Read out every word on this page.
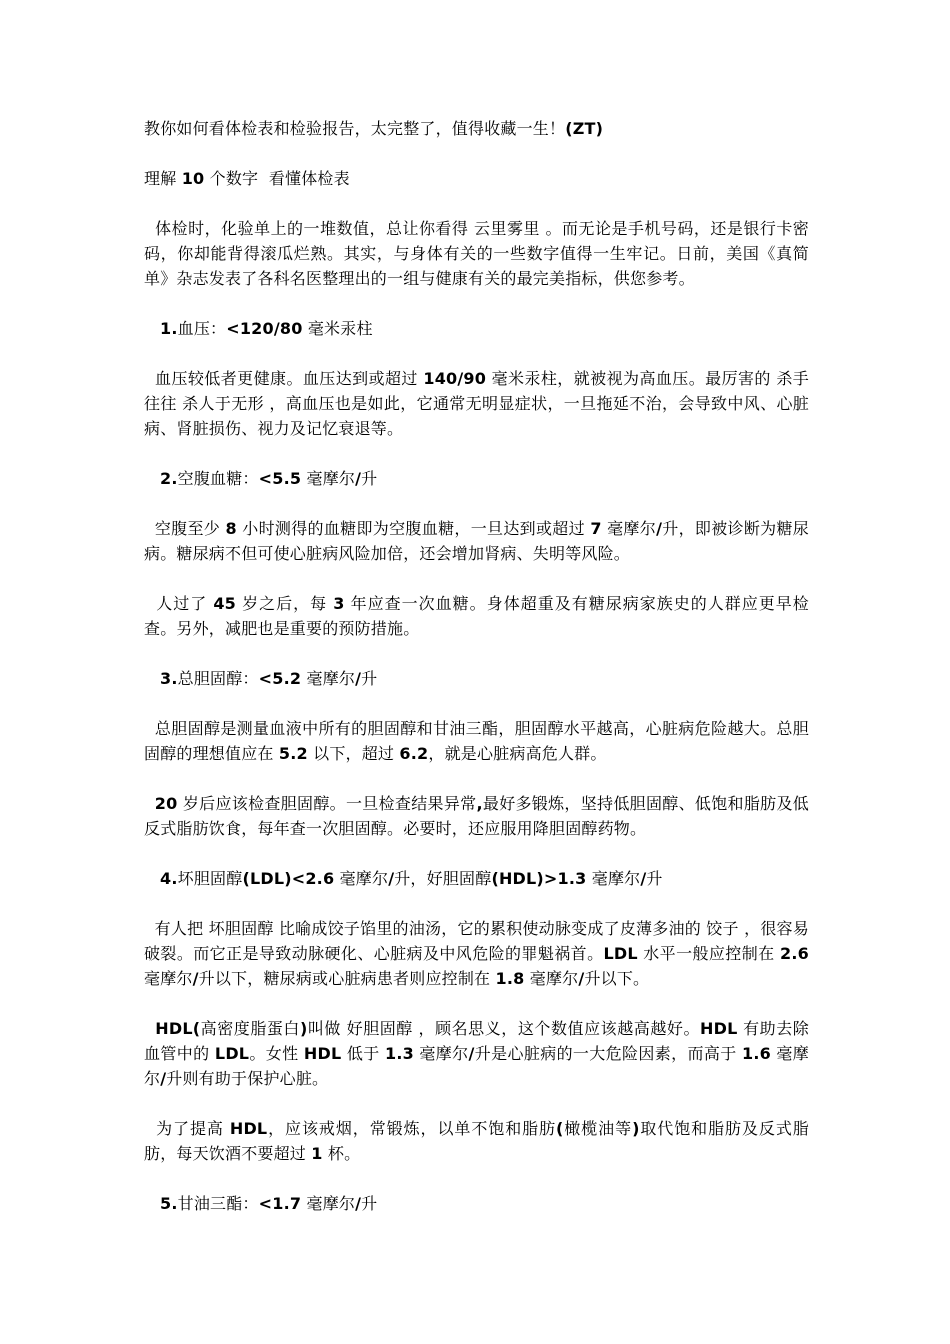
教你如何看体检表和检验报告，太完整了，值得收藏一生！(ZT)

理解 10 个数字  看懂体检表

体检时，化验单上的一堆数值，总让你看得 云里雾里 。而无论是手机号码，还是银行卡密码，你却能背得滚瓜烂熟。其实，与身体有关的一些数字值得一生牢记。日前，美国《真简单》杂志发表了各科名医整理出的一组与健康有关的最完美指标，供您参考。

1.血压：<120/80 毫米汞柱

血压较低者更健康。血压达到或超过 140/90 毫米汞柱，就被视为高血压。最厉害的 杀手 往往 杀人于无形 ，高血压也是如此，它通常无明显症状，一旦拖延不治，会导致中风、心脏病、肾脏损伤、视力及记忆衰退等。

2.空腹血糖：<5.5 毫摩尔/升

空腹至少 8 小时测得的血糖即为空腹血糖，一旦达到或超过 7 毫摩尔/升，即被诊断为糖尿病。糖尿病不但可使心脏病风险加倍，还会增加肾病、失明等风险。

人过了 45 岁之后，每 3 年应查一次血糖。身体超重及有糖尿病家族史的人群应更早检查。另外，减肥也是重要的预防措施。

3.总胆固醇：<5.2 毫摩尔/升

总胆固醇是测量血液中所有的胆固醇和甘油三酯，胆固醇水平越高，心脏病危险越大。总胆固醇的理想值应在 5.2 以下，超过 6.2，就是心脏病高危人群。

20 岁后应该检查胆固醇。一旦检查结果异常,最好多锻炼，坚持低胆固醇、低饱和脂肪及低反式脂肪饮食，每年查一次胆固醇。必要时，还应服用降胆固醇药物。

4.坏胆固醇(LDL)<2.6 毫摩尔/升，好胆固醇(HDL)>1.3 毫摩尔/升

有人把 坏胆固醇 比喻成饺子馅里的油汤，它的累积使动脉变成了皮薄多油的 饺子 ，很容易破裂。而它正是导致动脉硬化、心脏病及中风危险的罪魁祸首。LDL 水平一般应控制在 2.6 毫摩尔/升以下，糖尿病或心脏病患者则应控制在 1.8 毫摩尔/升以下。

HDL(高密度脂蛋白)叫做 好胆固醇 ，顾名思义，这个数值应该越高越好。HDL 有助去除血管中的 LDL。女性 HDL 低于 1.3 毫摩尔/升是心脏病的一大危险因素，而高于 1.6 毫摩尔/升则有助于保护心脏。

为了提高 HDL，应该戒烟，常锻炼，以单不饱和脂肪(橄榄油等)取代饱和脂肪及反式脂肪，每天饮酒不要超过 1 杯。

5.甘油三酯：<1.7 毫摩尔/升
